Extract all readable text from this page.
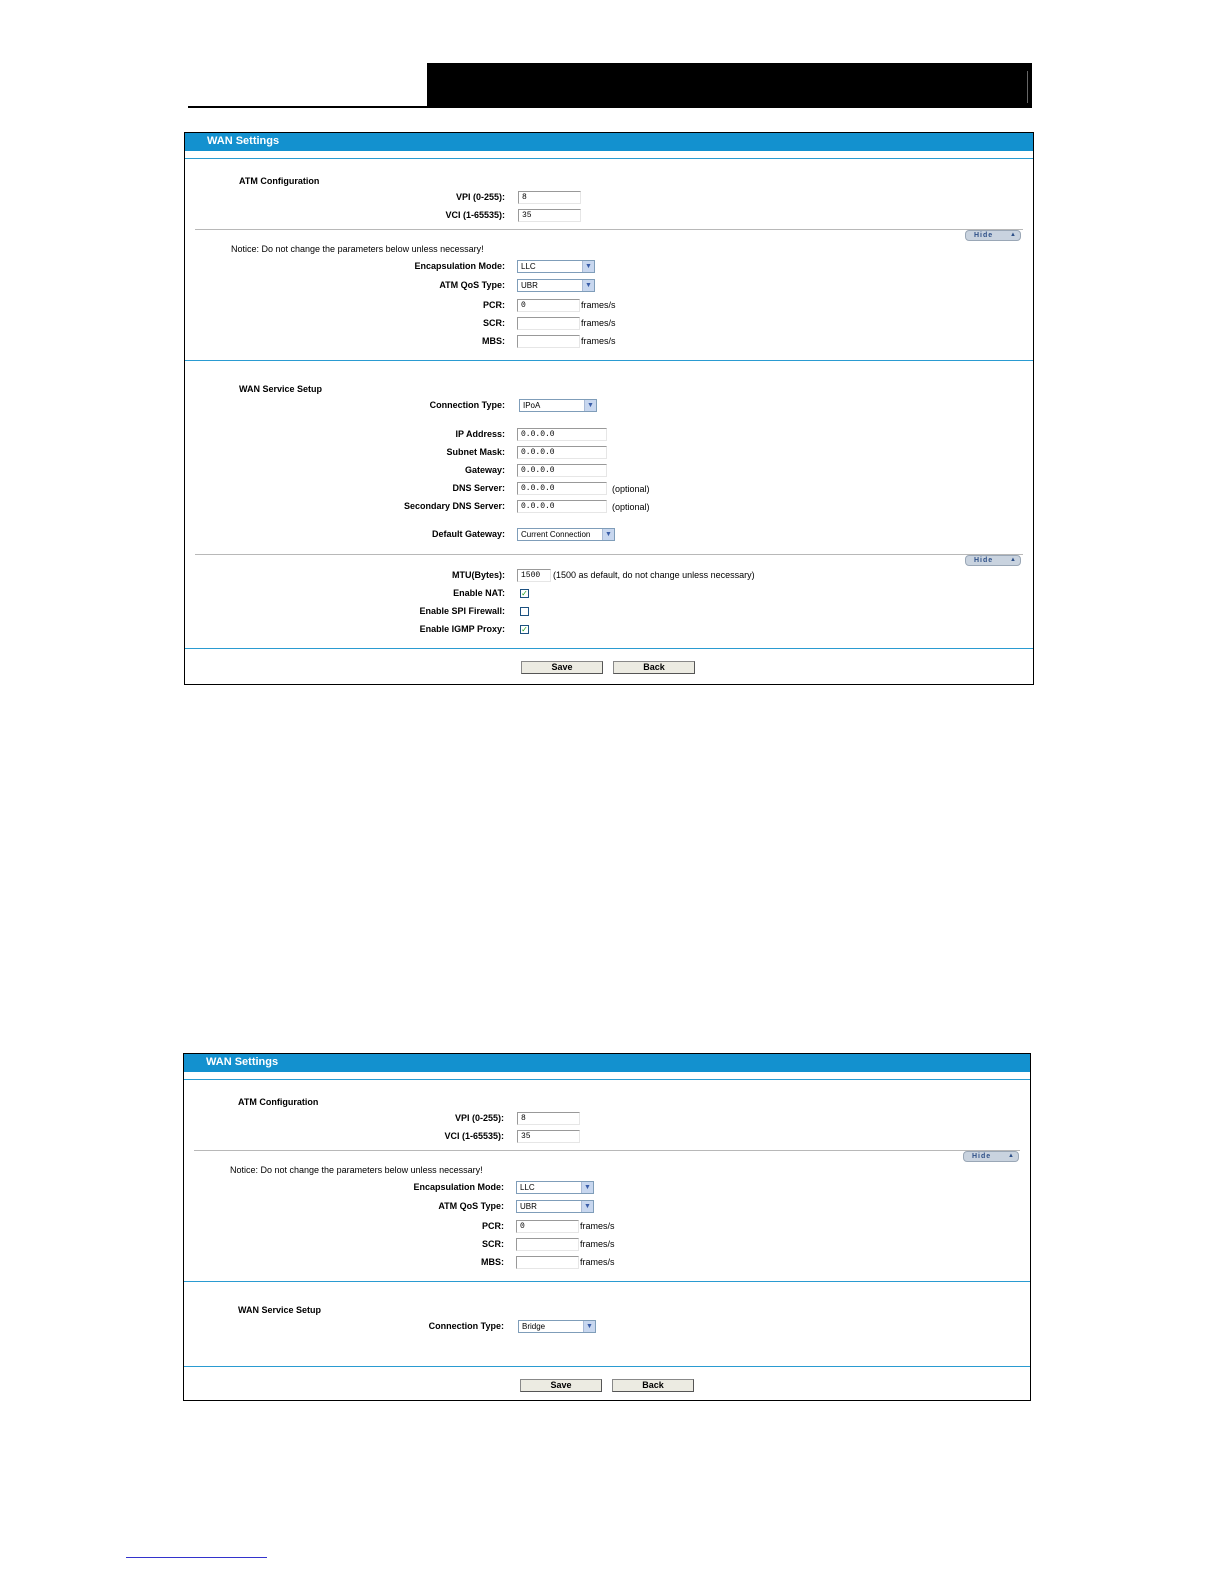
WAN Settings
ATM Configuration
VPI (0-255):	8
VCI (1-65535):	35
Hide	▲
Notice: Do not change the parameters below unless necessary!
Encapsulation Mode:	LLC	▼
ATM QoS Type:	UBR	▼
PCR:	0	frames/s
SCR:	frames/s
MBS:	frames/s
WAN Service Setup
Connection Type:	IPoA	▼
IP Address:	0.0.0.0
Subnet Mask:	0.0.0.0
Gateway:	0.0.0.0
DNS Server:	0.0.0.0	(optional)
Secondary DNS Server:	0.0.0.0	(optional)
Default Gateway:	Current Connection	▼
Hide	▲
MTU(Bytes):	1500	(1500 as default, do not change unless necessary)
Enable NAT: ✓
Enable SPI Firewall:
Enable IGMP Proxy: ✓
Save	Back
WAN Settings
ATM Configuration
VPI (0-255):	8
VCI (1-65535):	35
Hide	▲
Notice: Do not change the parameters below unless necessary!
Encapsulation Mode:	LLC	▼
ATM QoS Type:	UBR	▼
PCR:	0	frames/s
SCR:	frames/s
MBS:	frames/s
WAN Service Setup
Connection Type:	Bridge	▼
Save	Back
